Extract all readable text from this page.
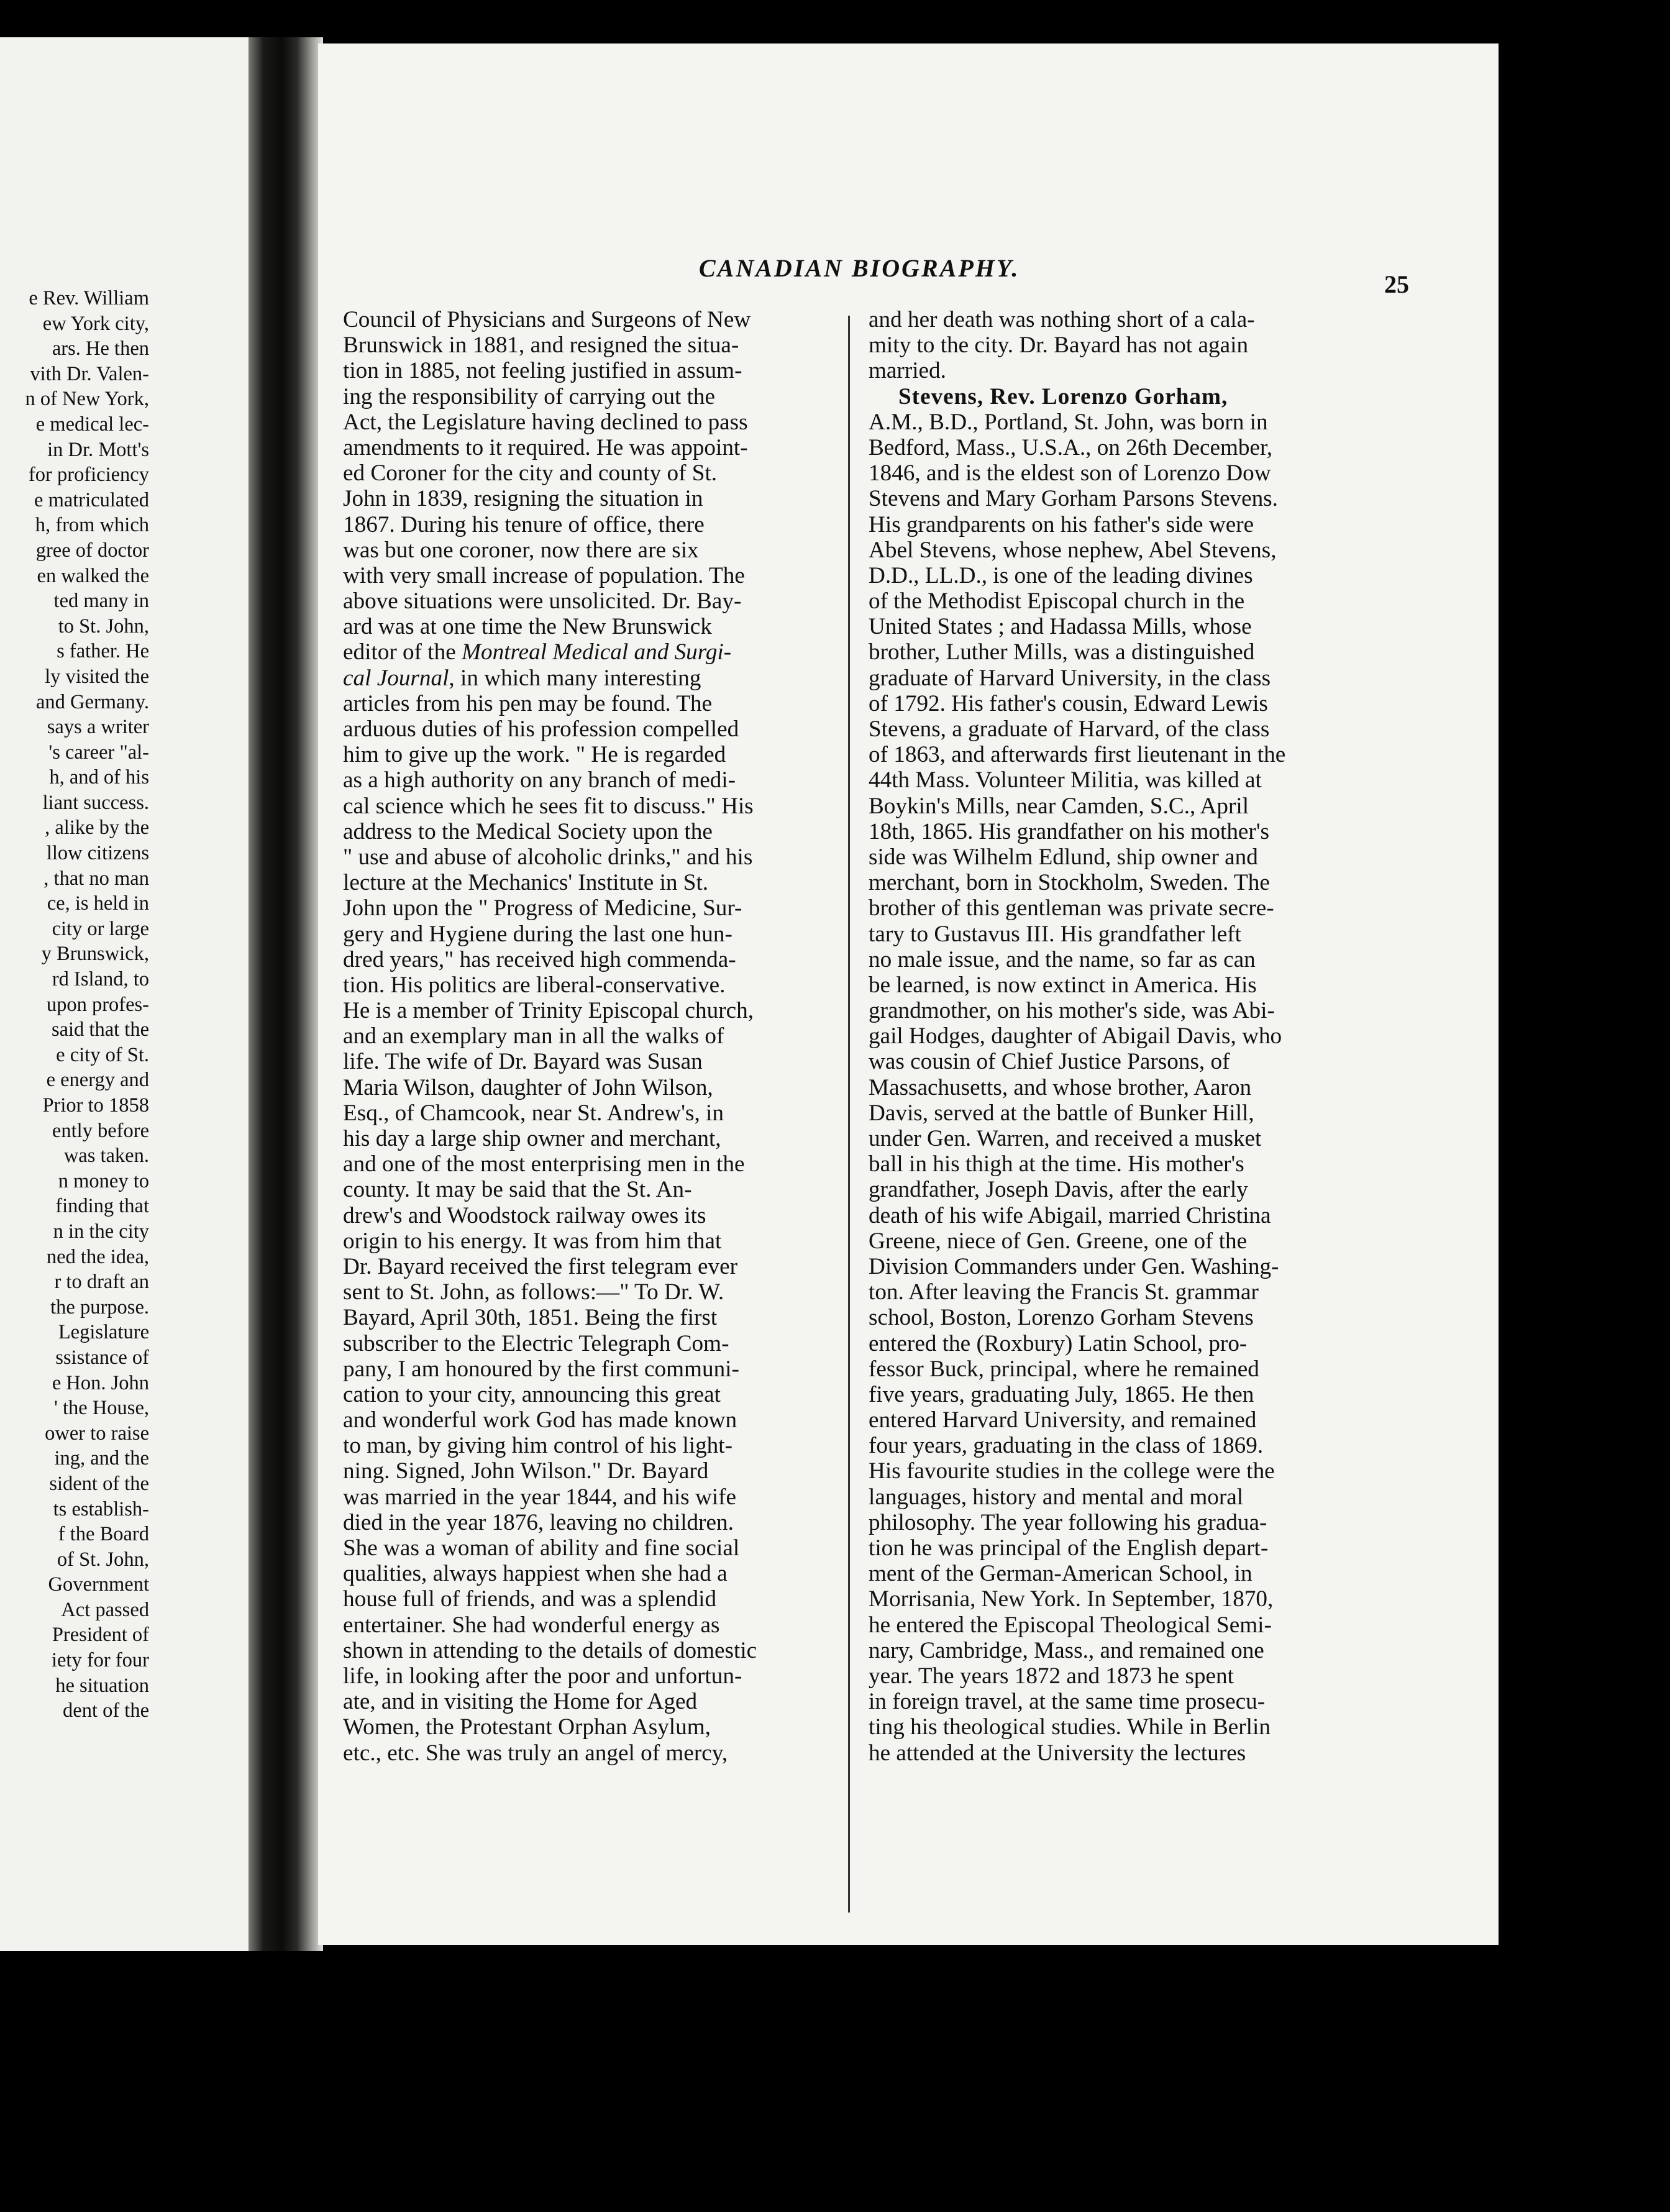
e Rev. William
ew York city,
ars. He then
vith Dr. Valen-
n of New York,
e medical lec-
in Dr. Mott's
for proficiency
e matriculated
h, from which
gree of doctor
en walked the
ted many in
to St. John,
s father. He
ly visited the
and Germany.
says a writer
's career "al-
h, and of his
liant success.
, alike by the
llow citizens
, that no man
ce, is held in
city or large
y Brunswick,
rd Island, to
upon profes-
said that the
e city of St.
e energy and
Prior to 1858
ently before
was taken.
n money to
finding that
n in the city
ned the idea,
r to draft an
the purpose.
Legislature
ssistance of
e Hon. John
' the House,
ower to raise
ing, and the
sident of the
ts establish-
f the Board
of St. John,
Government
Act passed
President of
iety for four
he situation
dent of the
CANADIAN BIOGRAPHY.
25
Council of Physicians and Surgeons of New
Brunswick in 1881, and resigned the situa-
tion in 1885, not feeling justified in assum-
ing the responsibility of carrying out the
Act, the Legislature having declined to pass
amendments to it required. He was appoint-
ed Coroner for the city and county of St.
John in 1839, resigning the situation in
1867. During his tenure of office, there
was but one coroner, now there are six
with very small increase of population. The
above situations were unsolicited. Dr. Bay-
ard was at one time the New Brunswick
editor of the Montreal Medical and Surgi-
cal Journal, in which many interesting
articles from his pen may be found. The
arduous duties of his profession compelled
him to give up the work. " He is regarded
as a high authority on any branch of medi-
cal science which he sees fit to discuss." His
address to the Medical Society upon the
" use and abuse of alcoholic drinks," and his
lecture at the Mechanics' Institute in St.
John upon the " Progress of Medicine, Sur-
gery and Hygiene during the last one hun-
dred years," has received high commenda-
tion. His politics are liberal-conservative.
He is a member of Trinity Episcopal church,
and an exemplary man in all the walks of
life. The wife of Dr. Bayard was Susan
Maria Wilson, daughter of John Wilson,
Esq., of Chamcook, near St. Andrew's, in
his day a large ship owner and merchant,
and one of the most enterprising men in the
county. It may be said that the St. An-
drew's and Woodstock railway owes its
origin to his energy. It was from him that
Dr. Bayard received the first telegram ever
sent to St. John, as follows:—" To Dr. W.
Bayard, April 30th, 1851. Being the first
subscriber to the Electric Telegraph Com-
pany, I am honoured by the first communi-
cation to your city, announcing this great
and wonderful work God has made known
to man, by giving him control of his light-
ning. Signed, John Wilson." Dr. Bayard
was married in the year 1844, and his wife
died in the year 1876, leaving no children.
She was a woman of ability and fine social
qualities, always happiest when she had a
house full of friends, and was a splendid
entertainer. She had wonderful energy as
shown in attending to the details of domestic
life, in looking after the poor and unfortun-
ate, and in visiting the Home for Aged
Women, the Protestant Orphan Asylum,
etc., etc. She was truly an angel of mercy,
and her death was nothing short of a cala-
mity to the city. Dr. Bayard has not again
married.
Stevens, Rev. Lorenzo Gorham,
A.M., B.D., Portland, St. John, was born in
Bedford, Mass., U.S.A., on 26th December,
1846, and is the eldest son of Lorenzo Dow
Stevens and Mary Gorham Parsons Stevens.
His grandparents on his father's side were
Abel Stevens, whose nephew, Abel Stevens,
D.D., LL.D., is one of the leading divines
of the Methodist Episcopal church in the
United States ; and Hadassa Mills, whose
brother, Luther Mills, was a distinguished
graduate of Harvard University, in the class
of 1792. His father's cousin, Edward Lewis
Stevens, a graduate of Harvard, of the class
of 1863, and afterwards first lieutenant in the
44th Mass. Volunteer Militia, was killed at
Boykin's Mills, near Camden, S.C., April
18th, 1865. His grandfather on his mother's
side was Wilhelm Edlund, ship owner and
merchant, born in Stockholm, Sweden. The
brother of this gentleman was private secre-
tary to Gustavus III. His grandfather left
no male issue, and the name, so far as can
be learned, is now extinct in America. His
grandmother, on his mother's side, was Abi-
gail Hodges, daughter of Abigail Davis, who
was cousin of Chief Justice Parsons, of
Massachusetts, and whose brother, Aaron
Davis, served at the battle of Bunker Hill,
under Gen. Warren, and received a musket
ball in his thigh at the time. His mother's
grandfather, Joseph Davis, after the early
death of his wife Abigail, married Christina
Greene, niece of Gen. Greene, one of the
Division Commanders under Gen. Washing-
ton. After leaving the Francis St. grammar
school, Boston, Lorenzo Gorham Stevens
entered the (Roxbury) Latin School, pro-
fessor Buck, principal, where he remained
five years, graduating July, 1865. He then
entered Harvard University, and remained
four years, graduating in the class of 1869.
His favourite studies in the college were the
languages, history and mental and moral
philosophy. The year following his gradua-
tion he was principal of the English depart-
ment of the German-American School, in
Morrisania, New York. In September, 1870,
he entered the Episcopal Theological Semi-
nary, Cambridge, Mass., and remained one
year. The years 1872 and 1873 he spent
in foreign travel, at the same time prosecu-
ting his theological studies. While in Berlin
he attended at the University the lectures
